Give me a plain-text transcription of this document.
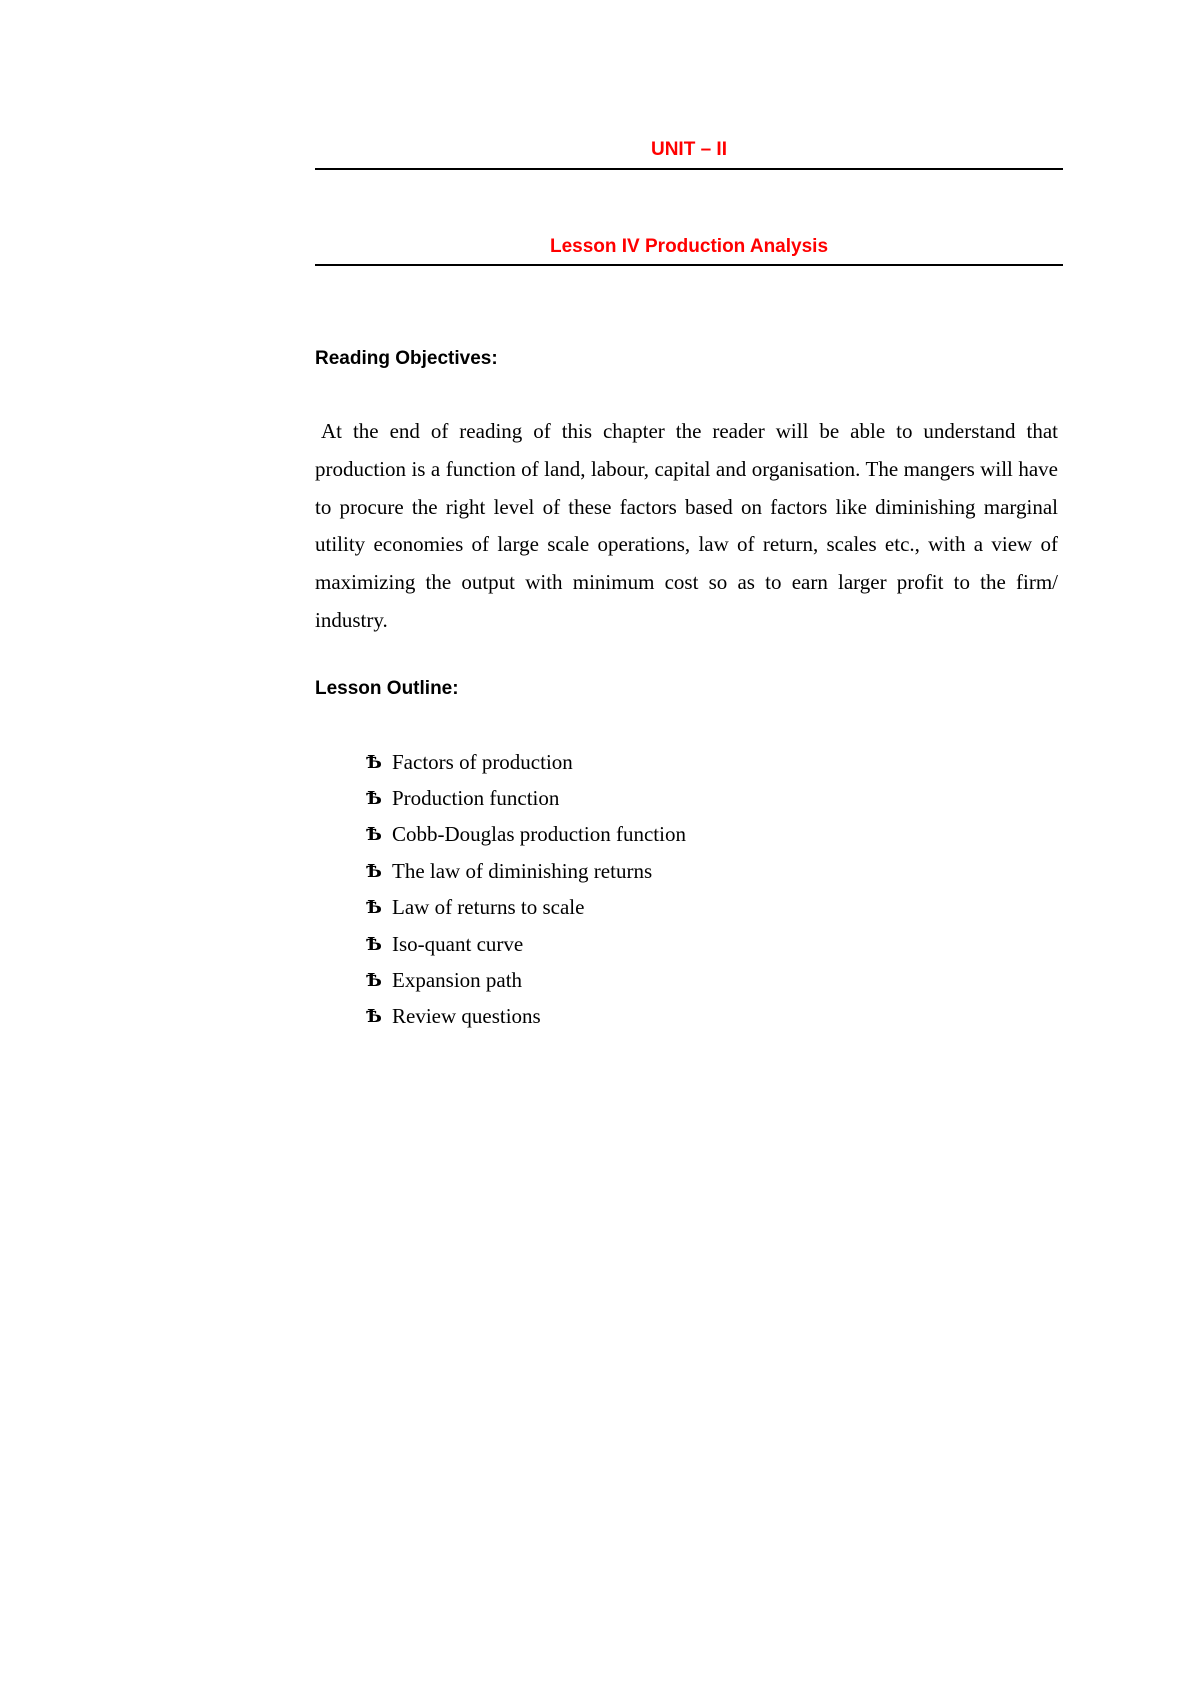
UNIT – II
Lesson IV Production Analysis
Reading Objectives:

At the end of reading of this chapter the reader will be able to understand that production is a function of land, labour, capital and organisation. The mangers will have to procure the right level of these factors based on factors like diminishing marginal utility economies of large scale operations, law of return, scales etc., with a view of maximizing the output with minimum cost so as to earn larger profit to the firm/ industry.

Lesson Outline:
Ѣ Factors of production
Ѣ Production function
Ѣ Cobb-Douglas production function
Ѣ The law of diminishing returns
Ѣ Law of returns to scale
Ѣ Iso-quant curve
Ѣ Expansion path
Ѣ Review questions
